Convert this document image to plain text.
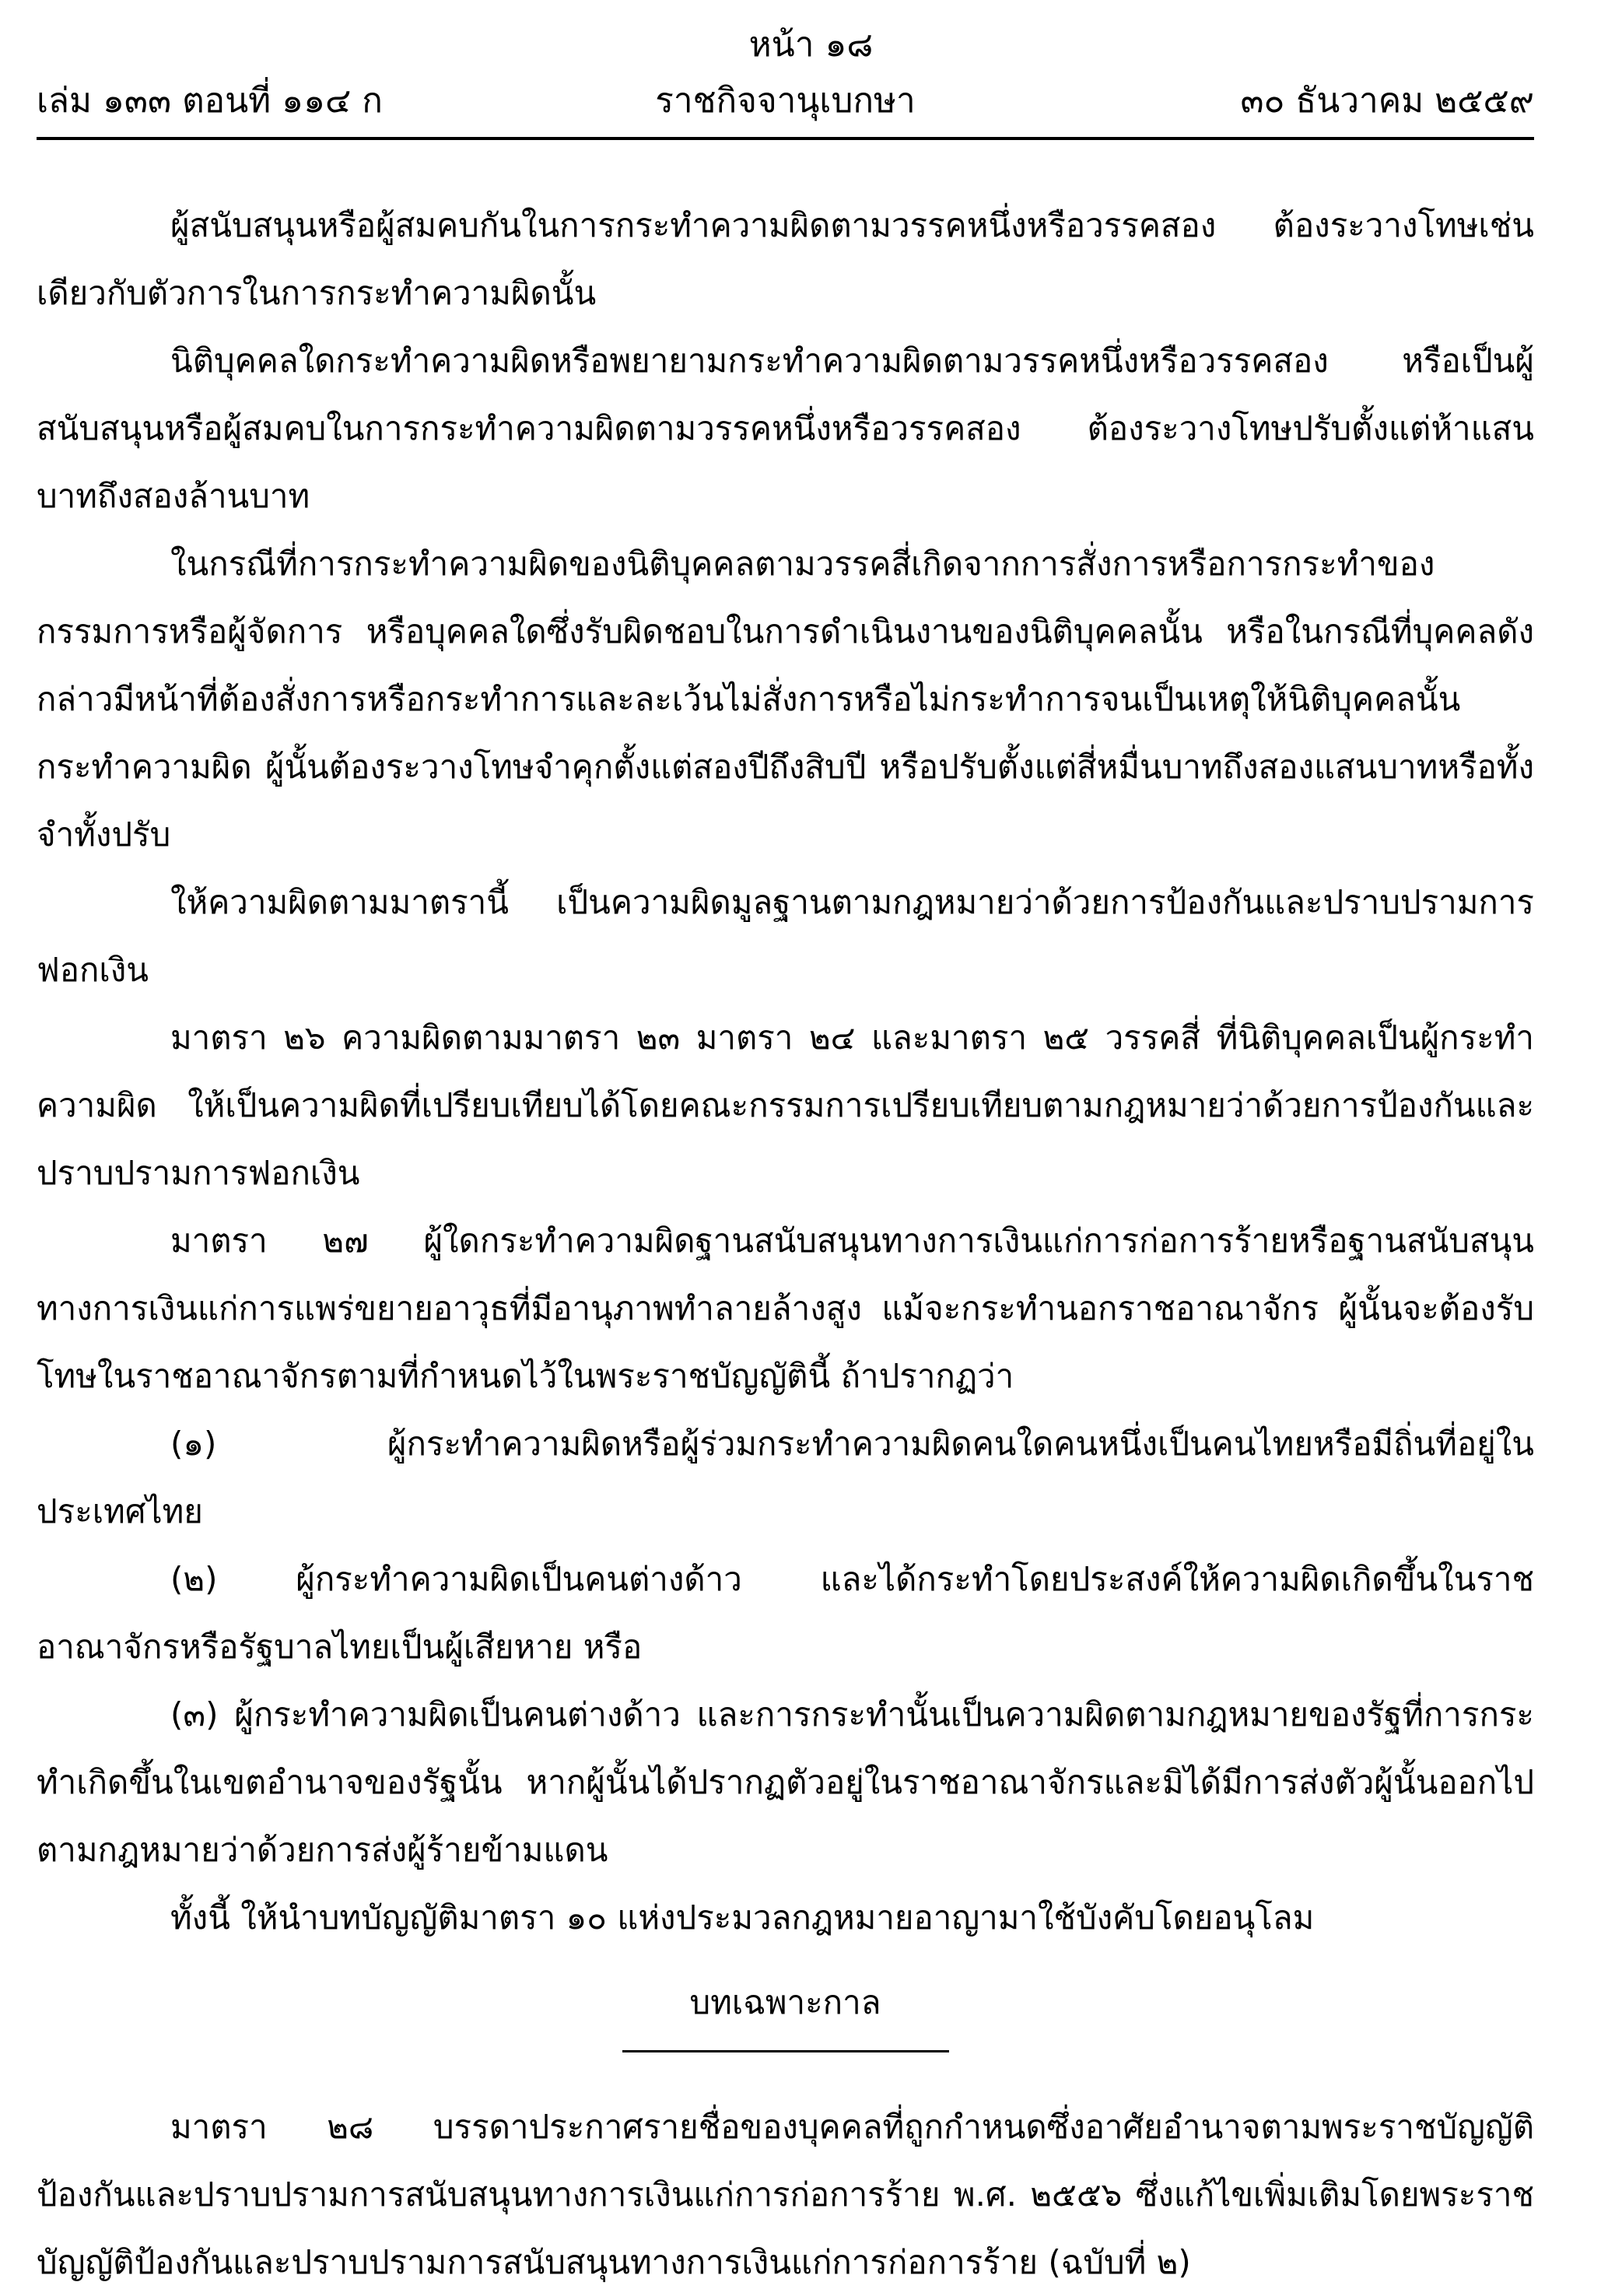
หน้า ๑๘
ราชกิจจานุเบกษา
เล่ม ๑๓๓ ตอนที่ ๑๑๔ ก	๓๐ ธันวาคม ๒๕๕๙

ผู้สนับสนุนหรือผู้สมคบกันในการกระทำความผิดตามวรรคหนึ่งหรือวรรคสอง ต้องระวางโทษเช่นเดียวกับตัวการในการกระทำความผิดนั้น

นิติบุคคลใดกระทำความผิดหรือพยายามกระทำความผิดตามวรรคหนึ่งหรือวรรคสอง หรือเป็นผู้สนับสนุนหรือผู้สมคบในการกระทำความผิดตามวรรคหนึ่งหรือวรรคสอง ต้องระวางโทษปรับตั้งแต่ห้าแสนบาทถึงสองล้านบาท

ในกรณีที่การกระทำความผิดของนิติบุคคลตามวรรคสี่เกิดจากการสั่งการหรือการกระทำของกรรมการหรือผู้จัดการ หรือบุคคลใดซึ่งรับผิดชอบในการดำเนินงานของนิติบุคคลนั้น หรือในกรณีที่บุคคลดังกล่าวมีหน้าที่ต้องสั่งการหรือกระทำการและละเว้นไม่สั่งการหรือไม่กระทำการจนเป็นเหตุให้นิติบุคคลนั้นกระทำความผิด ผู้นั้นต้องระวางโทษจำคุกตั้งแต่สองปีถึงสิบปี หรือปรับตั้งแต่สี่หมื่นบาทถึงสองแสนบาทหรือทั้งจำทั้งปรับ

ให้ความผิดตามมาตรานี้ เป็นความผิดมูลฐานตามกฎหมายว่าด้วยการป้องกันและปราบปรามการฟอกเงิน

มาตรา ๒๖ ความผิดตามมาตรา ๒๓ มาตรา ๒๔ และมาตรา ๒๕ วรรคสี่ ที่นิติบุคคลเป็นผู้กระทำความผิด ให้เป็นความผิดที่เปรียบเทียบได้โดยคณะกรรมการเปรียบเทียบตามกฎหมายว่าด้วยการป้องกันและปราบปรามการฟอกเงิน

มาตรา ๒๗ ผู้ใดกระทำความผิดฐานสนับสนุนทางการเงินแก่การก่อการร้ายหรือฐานสนับสนุนทางการเงินแก่การแพร่ขยายอาวุธที่มีอานุภาพทำลายล้างสูง แม้จะกระทำนอกราชอาณาจักร ผู้นั้นจะต้องรับโทษในราชอาณาจักรตามที่กำหนดไว้ในพระราชบัญญัตินี้ ถ้าปรากฏว่า

(๑) ผู้กระทำความผิดหรือผู้ร่วมกระทำความผิดคนใดคนหนึ่งเป็นคนไทยหรือมีถิ่นที่อยู่ในประเทศไทย

(๒) ผู้กระทำความผิดเป็นคนต่างด้าว และได้กระทำโดยประสงค์ให้ความผิดเกิดขึ้นในราชอาณาจักรหรือรัฐบาลไทยเป็นผู้เสียหาย หรือ

(๓) ผู้กระทำความผิดเป็นคนต่างด้าว และการกระทำนั้นเป็นความผิดตามกฎหมายของรัฐที่การกระทำเกิดขึ้นในเขตอำนาจของรัฐนั้น หากผู้นั้นได้ปรากฏตัวอยู่ในราชอาณาจักรและมิได้มีการส่งตัวผู้นั้นออกไปตามกฎหมายว่าด้วยการส่งผู้ร้ายข้ามแดน

ทั้งนี้ ให้นำบทบัญญัติมาตรา ๑๐ แห่งประมวลกฎหมายอาญามาใช้บังคับโดยอนุโลม

บทเฉพาะกาล

มาตรา ๒๘ บรรดาประกาศรายชื่อของบุคคลที่ถูกกำหนดซึ่งอาศัยอำนาจตามพระราชบัญญัติป้องกันและปราบปรามการสนับสนุนทางการเงินแก่การก่อการร้าย พ.ศ. ๒๕๕๖ ซึ่งแก้ไขเพิ่มเติมโดยพระราชบัญญัติป้องกันและปราบปรามการสนับสนุนทางการเงินแก่การก่อการร้าย (ฉบับที่ ๒)
